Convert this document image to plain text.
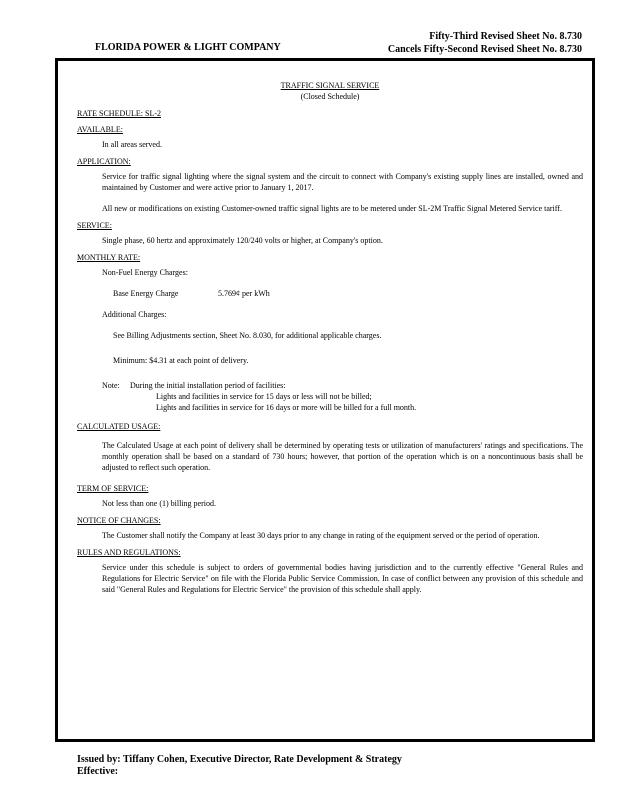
FLORIDA POWER & LIGHT COMPANY
Fifty-Third Revised Sheet No. 8.730
Cancels Fifty-Second Revised Sheet No. 8.730
TRAFFIC SIGNAL SERVICE
(Closed Schedule)
RATE SCHEDULE: SL-2
AVAILABLE:
In all areas served.
APPLICATION:
Service for traffic signal lighting where the signal system and the circuit to connect with Company's existing supply lines are installed, owned and maintained by Customer and were active prior to January 1, 2017.
All new or modifications on existing Customer-owned traffic signal lights are to be metered under SL-2M Traffic Signal Metered Service tariff.
SERVICE:
Single phase, 60 hertz and approximately 120/240 volts or higher, at Company's option.
MONTHLY RATE:
Non-Fuel Energy Charges:
Base Energy Charge	5.769¢ per kWh
Additional Charges:
See Billing Adjustments section, Sheet No. 8.030, for additional applicable charges.
Minimum: $4.31 at each point of delivery.
Note:	During the initial installation period of facilities:
Lights and facilities in service for 15 days or less will not be billed;
Lights and facilities in service for 16 days or more will be billed for a full month.
CALCULATED USAGE:
The Calculated Usage at each point of delivery shall be determined by operating tests or utilization of manufacturers' ratings and specifications. The monthly operation shall be based on a standard of 730 hours; however, that portion of the operation which is on a noncontinuous basis shall be adjusted to reflect such operation.
TERM OF SERVICE:
Not less than one (1) billing period.
NOTICE OF CHANGES:
The Customer shall notify the Company at least 30 days prior to any change in rating of the equipment served or the period of operation.
RULES AND REGULATIONS:
Service under this schedule is subject to orders of governmental bodies having jurisdiction and to the currently effective "General Rules and Regulations for Electric Service" on file with the Florida Public Service Commission. In case of conflict between any provision of this schedule and said "General Rules and Regulations for Electric Service" the provision of this schedule shall apply.
Issued by: Tiffany Cohen, Executive Director, Rate Development & Strategy
Effective:
